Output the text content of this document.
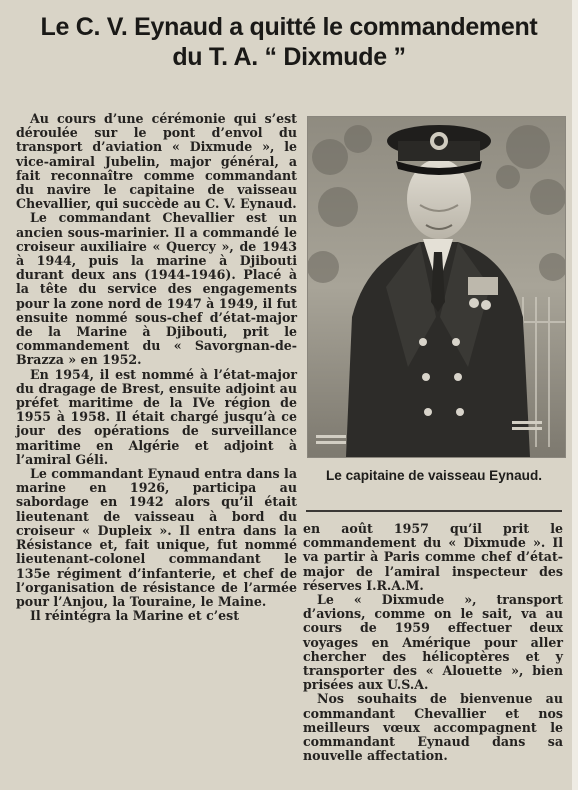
Le C. V. Eynaud a quitté le commandement
du T. A. “ Dixmude ”

Au cours d’une cérémonie qui s’est déroulée sur le pont d’envol du transport d’aviation « Dixmude », le vice-amiral Jubelin, major général, a fait reconnaître comme commandant du navire le capitaine de vaisseau Chevallier, qui succède au C. V. Eynaud.

Le commandant Chevallier est un ancien sous-marinier. Il a commandé le croiseur auxiliaire « Quercy », de 1943 à 1944, puis la marine à Djibouti durant deux ans (1944-1946). Placé à la tête du service des engagements pour la zone nord de 1947 à 1949, il fut ensuite nommé sous-chef d’état-major de la Marine à Djibouti, prit le commandement du « Savorgnan-de-Brazza » en 1952.

En 1954, il est nommé à l’état-major du dragage de Brest, ensuite adjoint au préfet maritime de la IVe région de 1955 à 1958. Il était chargé jusqu’à ce jour des opérations de surveillance maritime en Algérie et adjoint à l’amiral Géli.

Le commandant Eynaud entra dans la marine en 1926, participa au sabordage en 1942 alors qu’il était lieutenant de vaisseau à bord du croiseur « Dupleix ». Il entra dans la Résistance et, fait unique, fut nommé lieutenant-colonel commandant le 135e régiment d’infanterie, et chef de l’organisation de résistance de l’armée pour l’Anjou, la Touraine, le Maine.

Il réintégra la Marine et c’est

Le capitaine de vaisseau Eynaud.

en août 1957 qu’il prit le commandement du « Dixmude ». Il va partir à Paris comme chef d’état-major de l’amiral inspecteur des réserves I.R.A.M.

Le « Dixmude », transport d’avions, comme on le sait, va au cours de 1959 effectuer deux voyages en Amérique pour aller chercher des hélicoptères et y transporter des « Alouette », bien prisées aux U.S.A.

Nos souhaits de bienvenue au commandant Chevallier et nos meilleurs vœux accompagnent le commandant Eynaud dans sa nouvelle affectation.
